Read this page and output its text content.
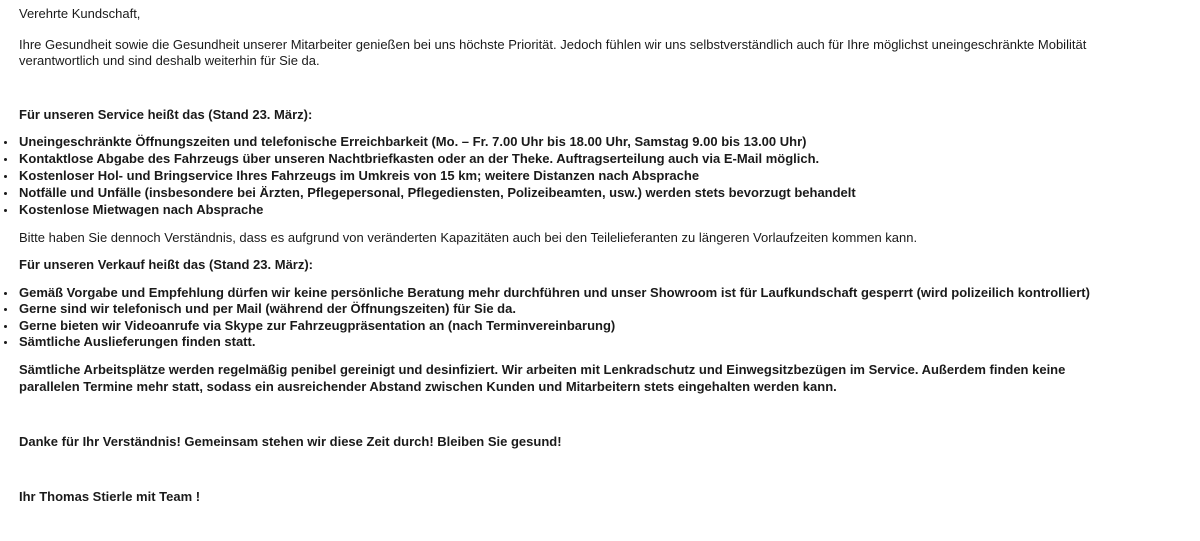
Verehrte Kundschaft,
Ihre Gesundheit sowie die Gesundheit unserer Mitarbeiter genießen bei uns höchste Priorität. Jedoch fühlen wir uns selbstverständlich auch für Ihre möglichst uneingeschränkte Mobilität
verantwortlich und sind deshalb weiterhin für Sie da.
Für unseren Service heißt das (Stand 23. März):
Uneingeschränkte Öffnungszeiten und telefonische Erreichbarkeit (Mo. – Fr. 7.00 Uhr bis 18.00 Uhr, Samstag 9.00 bis 13.00 Uhr)
Kontaktlose Abgabe des Fahrzeugs über unseren Nachtbriefkasten oder an der Theke. Auftragserteilung auch via E-Mail möglich.
Kostenloser Hol- und Bringservice Ihres Fahrzeugs im Umkreis von 15 km; weitere Distanzen nach Absprache
Notfälle und Unfälle (insbesondere bei Ärzten, Pflegepersonal, Pflegediensten, Polizeibeamten, usw.) werden stets bevorzugt behandelt
Kostenlose Mietwagen nach Absprache
Bitte haben Sie dennoch Verständnis, dass es aufgrund von veränderten Kapazitäten auch bei den Teilelieferanten zu längeren Vorlaufzeiten kommen kann.
Für unseren Verkauf heißt das (Stand 23. März):
Gemäß Vorgabe und Empfehlung dürfen wir keine persönliche Beratung mehr durchführen und unser Showroom ist für Laufkundschaft gesperrt (wird polizeilich kontrolliert)
Gerne sind wir telefonisch und per Mail (während der Öffnungszeiten) für Sie da.
Gerne bieten wir Videoanrufe via Skype zur Fahrzeugpräsentation an (nach Terminvereinbarung)
Sämtliche Auslieferungen finden statt.
Sämtliche Arbeitsplätze werden regelmäßig penibel gereinigt und desinfiziert. Wir arbeiten mit Lenkradschutz und Einwegsitzbezügen im Service. Außerdem finden keine
parallelen Termine mehr statt, sodass ein ausreichender Abstand zwischen Kunden und Mitarbeitern stets eingehalten werden kann.
Danke für Ihr Verständnis! Gemeinsam stehen wir diese Zeit durch! Bleiben Sie gesund!
Ihr Thomas Stierle mit Team !
